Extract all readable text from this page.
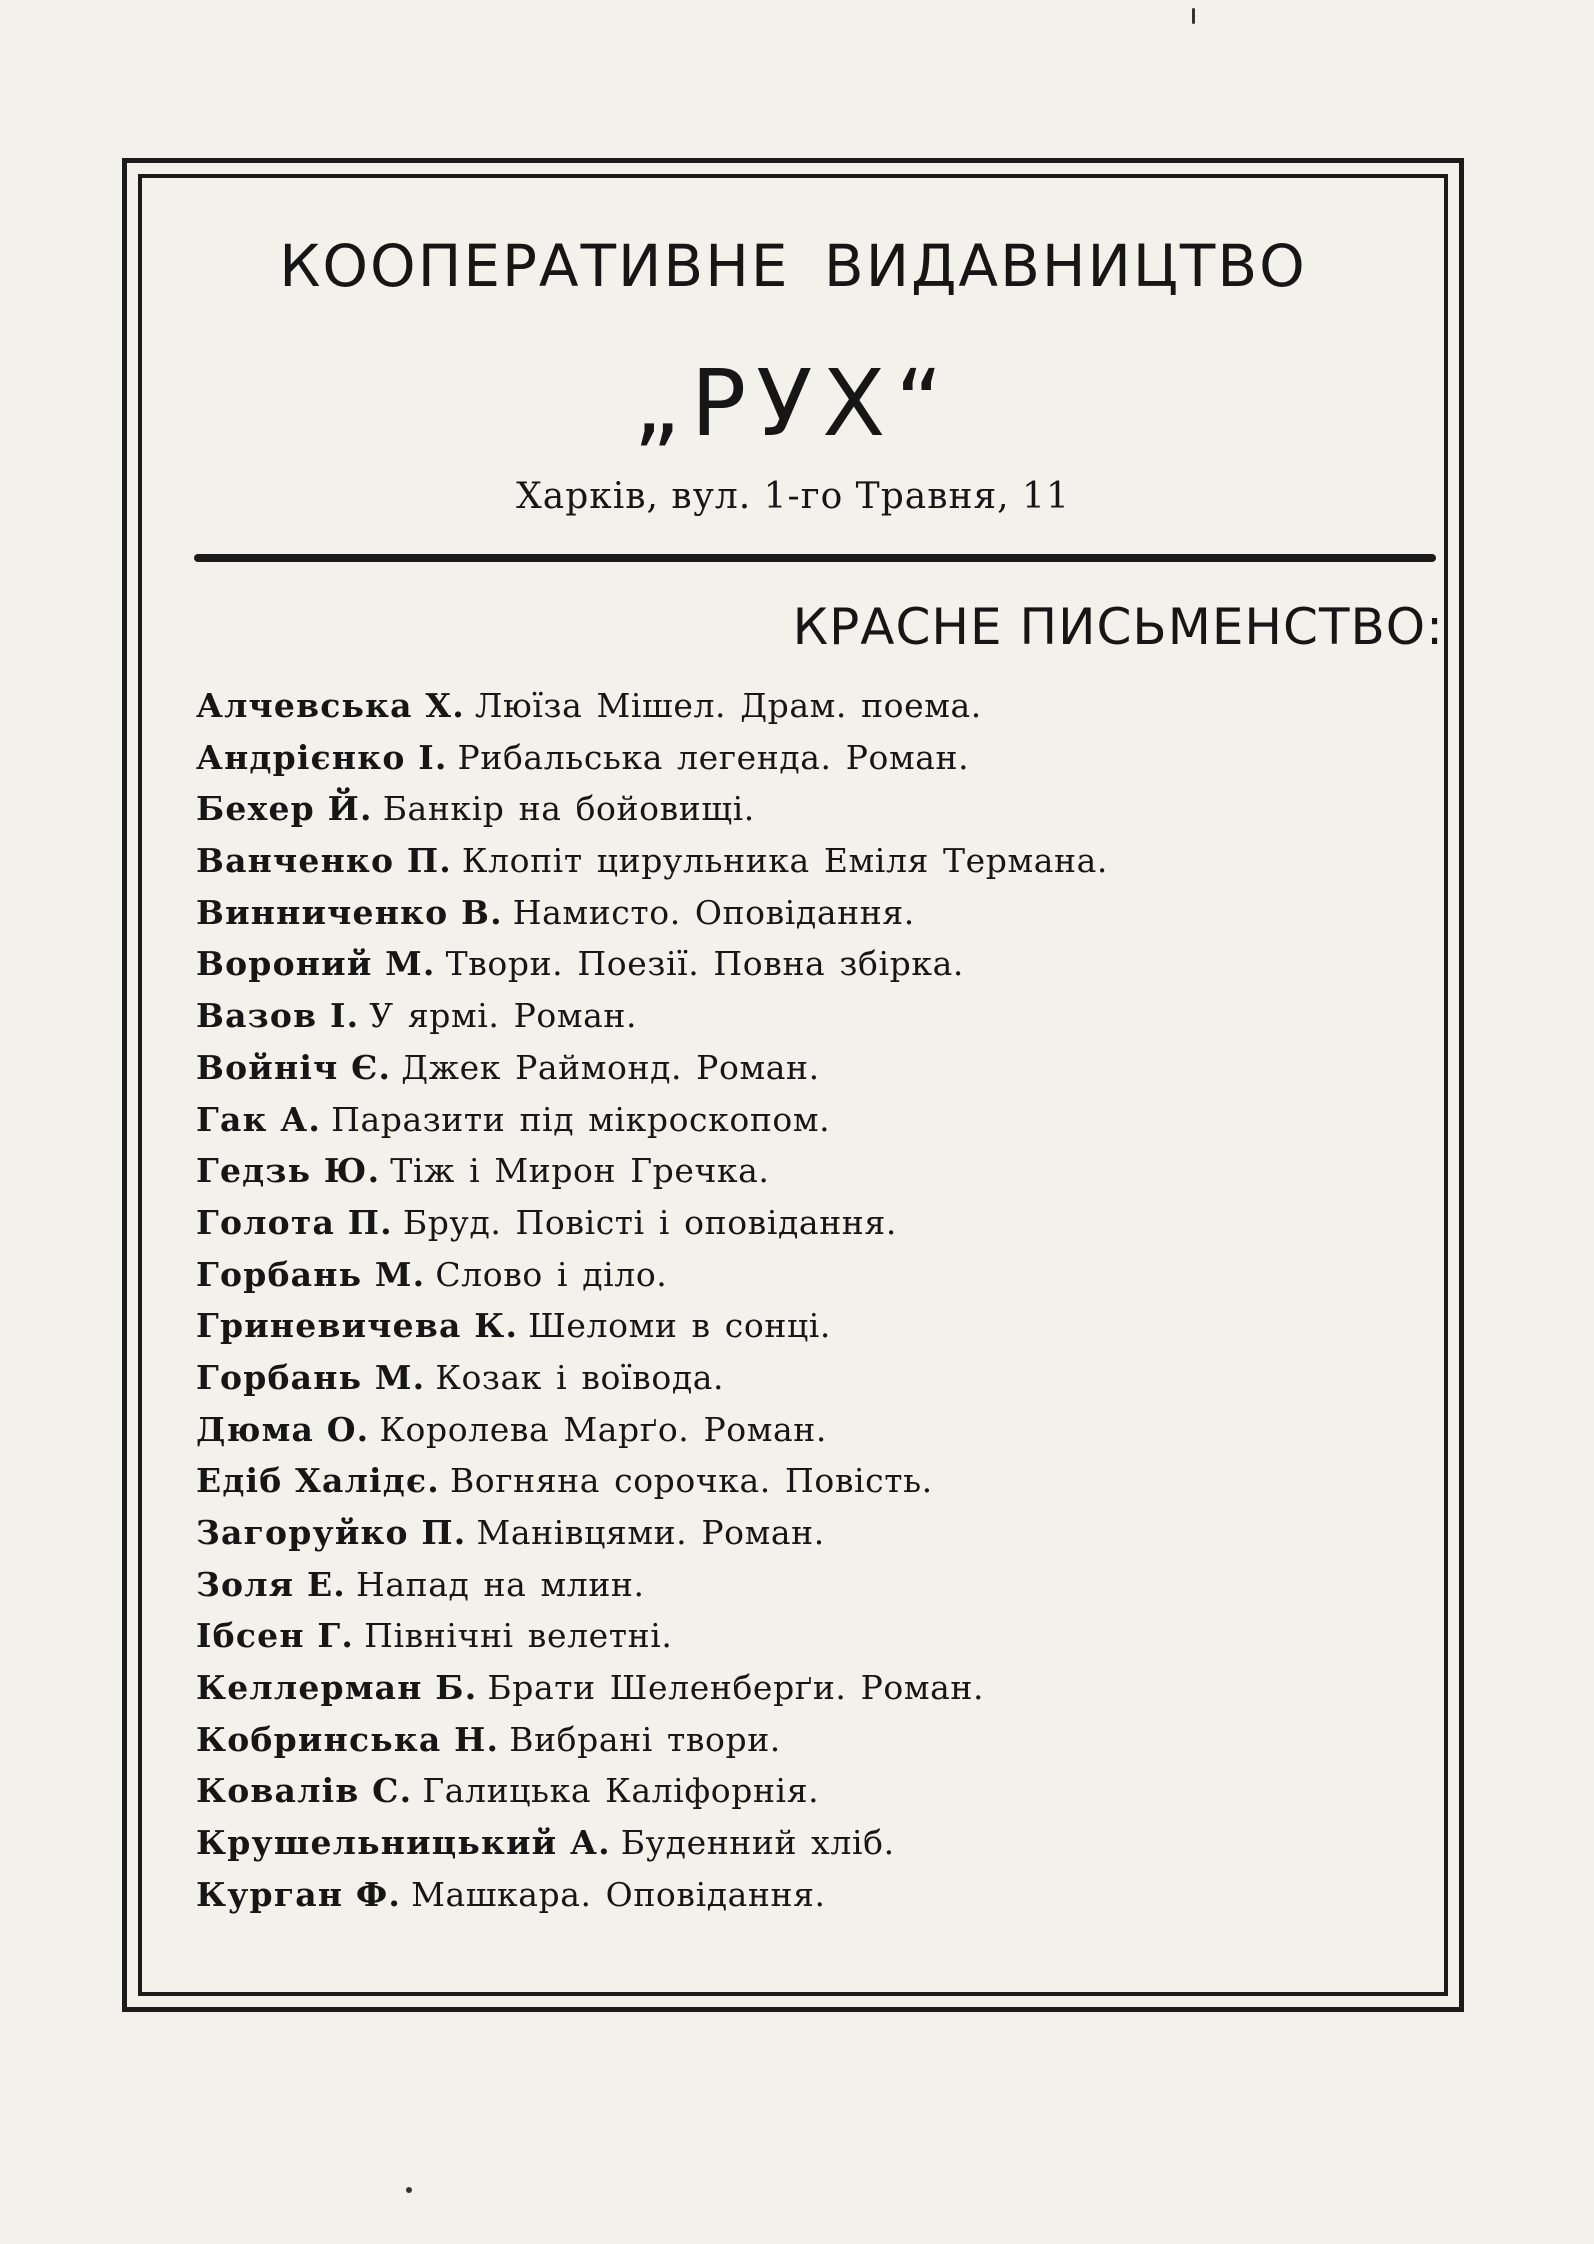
КООПЕРАТИВНЕ ВИДАВНИЦТВО
„РУХ“
Харків, вул. 1-го Травня, 11
КРАСНЕ ПИСЬМЕНСТВО:
Алчевська Х. Люїза Мішел. Драм. поема.
Андрієнко І. Рибальська легенда. Роман.
Бехер Й. Банкір на бойовищі.
Ванченко П. Клопіт цирульника Еміля Термана.
Винниченко В. Намисто. Оповідання.
Вороний М. Твори. Поезії. Повна збірка.
Вазов І. У ярмі. Роман.
Войніч Є. Джек Раймонд. Роман.
Гак А. Паразити під мікроскопом.
Гедзь Ю. Тіж і Мирон Гречка.
Голота П. Бруд. Повісті і оповідання.
Горбань М. Слово і діло.
Гриневичева К. Шеломи в сонці.
Горбань М. Козак і воївода.
Дюма О. Королева Марґо. Роман.
Едіб Халідє. Вогняна сорочка. Повість.
Загоруйко П. Манівцями. Роман.
Золя Е. Напад на млин.
Ібсен Г. Північні велетні.
Келлерман Б. Брати Шеленберґи. Роман.
Кобринська Н. Вибрані твори.
Ковалів С. Галицька Каліфорнія.
Крушельницький А. Буденний хліб.
Курган Ф. Машкара. Оповідання.
